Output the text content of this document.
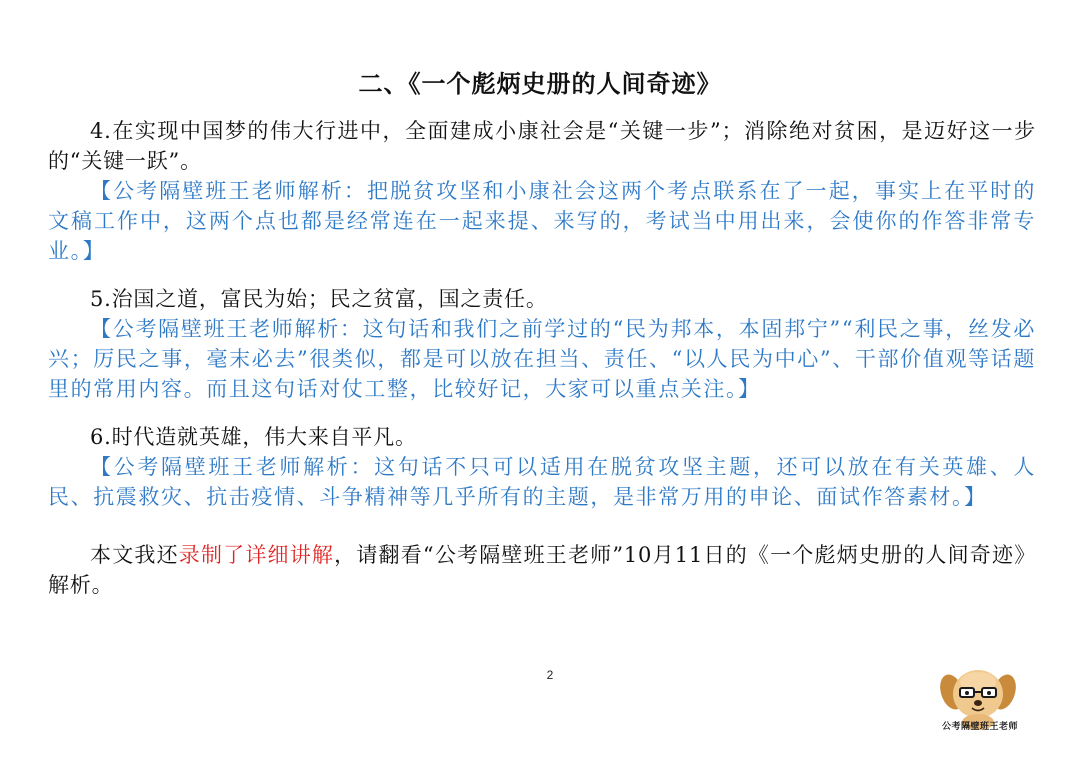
二、《一个彪炳史册的人间奇迹》
4.在实现中国梦的伟大行进中，全面建成小康社会是“关键一步”；消除绝对贫困，是迈好这一步的“关键一跃”。
【公考隔壁班王老师解析：把脱贫攻坚和小康社会这两个考点联系在了一起，事实上在平时的文稿工作中，这两个点也都是经常连在一起来提、来写的，考试当中用出来，会使你的作答非常专业。】
5.治国之道，富民为始；民之贫富，国之责任。
【公考隔壁班王老师解析：这句话和我们之前学过的“民为邦本，本固邦宁”“利民之事，丝发必兴；厉民之事，毫末必去”很类似，都是可以放在担当、责任、“以人民为中心”、干部价值观等话题里的常用内容。而且这句话对仗工整，比较好记，大家可以重点关注。】
6.时代造就英雄，伟大来自平凡。
【公考隔壁班王老师解析：这句话不只可以适用在脱贫攻坚主题，还可以放在有关英雄、人民、抗震救灾、抗击疫情、斗争精神等几乎所有的主题，是非常万用的申论、面试作答素材。】
本文我还录制了详细讲解，请翻看“公考隔壁班王老师”10月11日的《一个彪炳史册的人间奇迹》解析。
2
公考隔壁班王老师
